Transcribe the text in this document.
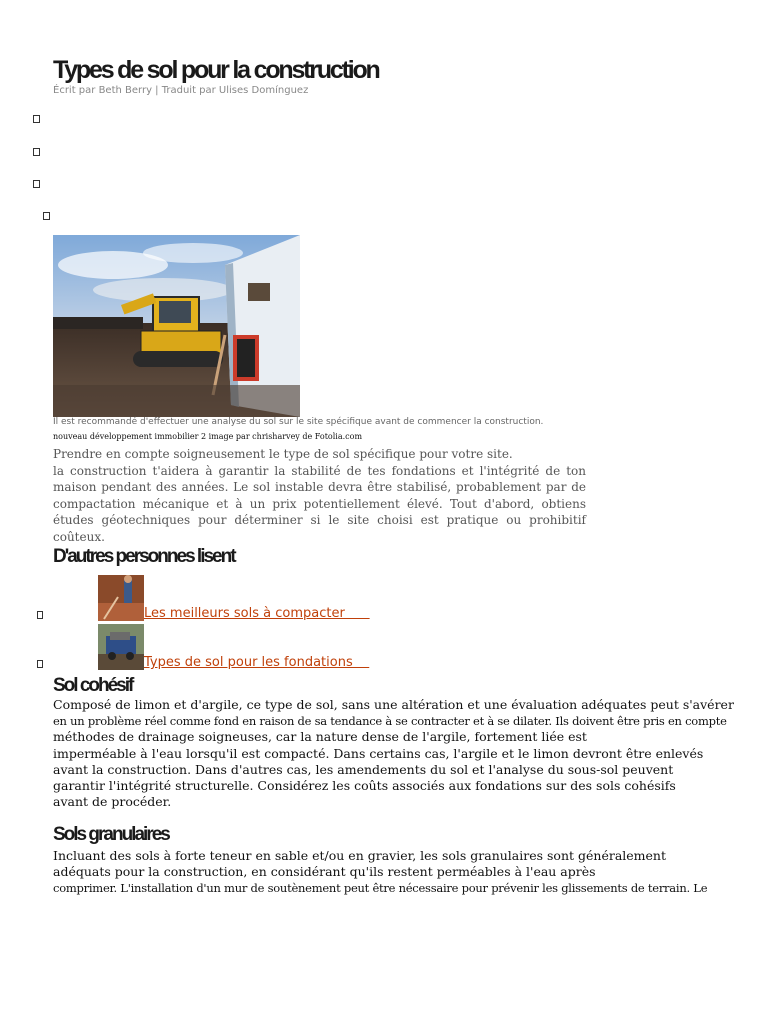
Types de sol pour la construction
Écrit par Beth Berry | Traduit par Ulises Domínguez
Il est recommandé d'effectuer une analyse du sol sur le site spécifique avant de commencer la construction.
nouveau développement immobilier 2 image par chrisharvey de Fotolia.com

Prendre en compte soigneusement le type de sol spécifique pour votre site.

la construction t'aidera à garantir la stabilité de tes fondations et l'intégrité de ton maison pendant des années. Le sol instable devra être stabilisé, probablement par de compactation mécanique et à un prix potentiellement élevé. Tout d'abord, obtiens études géotechniques pour déterminer si le site choisi est pratique ou prohibitif coûteux.

D'autres personnes lisent
Les meilleurs sols à compacter
Types de sol pour les fondations
Sol cohésif
Composé de limon et d'argile, ce type de sol, sans une altération et une évaluation adéquates peut s'avérer
en un problème réel comme fond en raison de sa tendance à se contracter et à se dilater. Ils doivent être pris en compte
méthodes de drainage soigneuses, car la nature dense de l'argile, fortement liée est
imperméable à l'eau lorsqu'il est compacté. Dans certains cas, l'argile et le limon devront être enlevés
avant la construction. Dans d'autres cas, les amendements du sol et l'analyse du sous-sol peuvent
garantir l'intégrité structurelle. Considérez les coûts associés aux fondations sur des sols cohésifs
avant de procéder.
Sols granulaires
Incluant des sols à forte teneur en sable et/ou en gravier, les sols granulaires sont généralement
adéquats pour la construction, en considérant qu'ils restent perméables à l'eau après
comprimer. L'installation d'un mur de soutènement peut être nécessaire pour prévenir les glissements de terrain. Le
